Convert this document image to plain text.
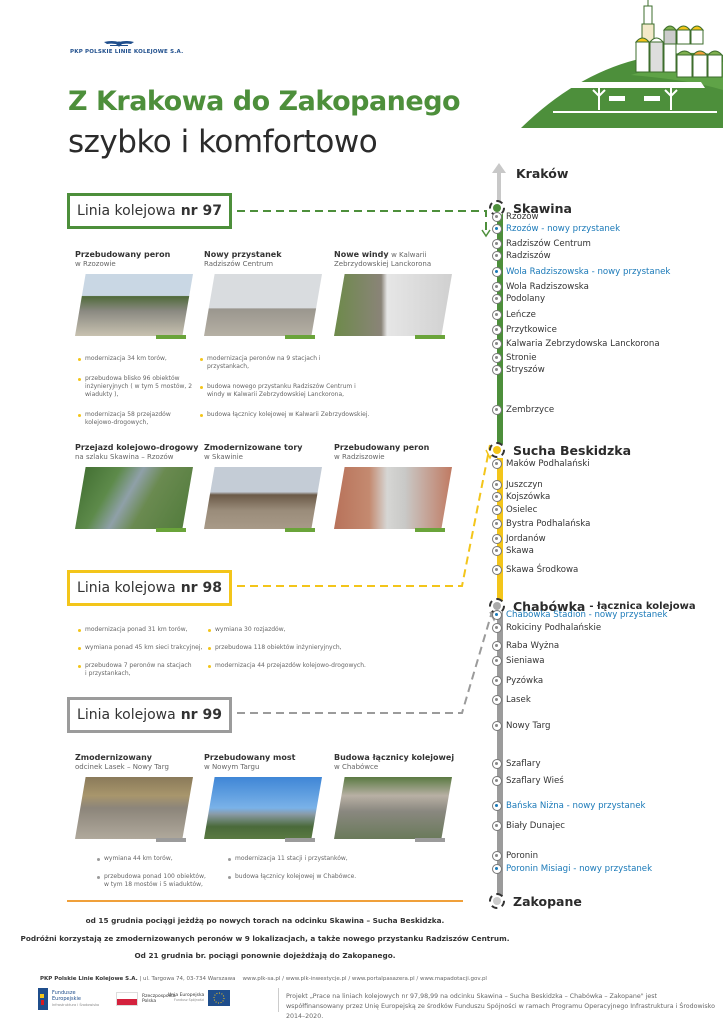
PKP POLSKIE LINIE KOLEJOWE S.A.
Z Krakowa do Zakopanego
szybko i komfortowo
Linia kolejowa nr 97
Przebudowany peron
w Rzozowie
Nowy przystanek
Radziszów Centrum
Nowe windy w Kalwarii
Zebrzydowskiej Lanckorona
modernizacja 34 km torów,
przebudowa blisko 96 obiektów inżynieryjnych ( w tym 5 mostów, 2 wiadukty ),
modernizacja 58 przejazdów kolejowo-drogowych,
modernizacja peronów na 9 stacjach i przystankach,
budowa nowego przystanku Radziszów Centrum i windy w Kalwarii Zebrzydowskiej Lanckorona,
budowa łącznicy kolejowej w Kalwarii Zebrzydowskiej.
Przejazd kolejowo-drogowy
na szlaku Skawina – Rzozów
Zmodernizowane tory
w Skawinie
Przebudowany peron
w Radziszowie
Linia kolejowa nr 98
modernizacja ponad 31 km torów,
wymiana ponad 45 km sieci trakcyjnej,
przebudowa 7 peronów na stacjach i przystankach,
wymiana 30 rozjazdów,
przebudowa 118 obiektów inżynieryjnych,
modernizacja 44 przejazdów kolejowo-drogowych.
Linia kolejowa nr 99
Zmodernizowany
odcinek Lasek – Nowy Targ
Przebudowany most
w Nowym Targu
Budowa łącznicy kolejowej
w Chabówce
wymiana 44 km torów,
przebudowa ponad 100 obiektów, w tym 18 mostów i 5 wiaduktów,
modernizacja 11 stacji i przystanków,
budowa łącznicy kolejowej w Chabówce.
Kraków
Skawina
Sucha Beskidzka
Chabówka - łącznica kolejowa
Zakopane
Rzozów
Rzozów - nowy przystanek
Radziszów Centrum
Radziszów
Wola Radziszowska - nowy przystanek
Wola Radziszowska
Podolany
Leńcze
Przytkowice
Kalwaria Zebrzydowska Lanckorona
Stronie
Stryszów
Zembrzyce
Maków Podhalański
Juszczyn
Kojszówka
Osielec
Bystra Podhalańska
Jordanów
Skawa
Skawa Środkowa
Chabówka Stadion - nowy przystanek
Rokiciny Podhalańskie
Raba Wyżna
Sieniawa
Pyzówka
Lasek
Nowy Targ
Szaflary
Szaflary Wieś
Bańska Niżna - nowy przystanek
Biały Dunajec
Poronin
Poronin Misiagi - nowy przystanek
od 15 grudnia pociągi jeżdżą po nowych torach na odcinku Skawina – Sucha Beskidzka.
Podróżni korzystają ze zmodernizowanych peronów w 9 lokalizacjach, a także nowego przystanku Radziszów Centrum.
Od 21 grudnia br. pociągi ponownie dojeżdżają do Zakopanego.
PKP Polskie Linie Kolejowe S.A. | ul. Targowa 74, 03-734 Warszawa www.plk-sa.pl / www.plk-inwestycje.pl / www.portalpasazera.pl / www.mapadotacji.gov.pl
Fundusze
Europejskie
Infrastruktura i Środowisko
Rzeczpospolita
Polska
Unia Europejska
Fundusz Spójności	Projekt „Prace na liniach kolejowych nr 97,98,99 na odcinku Skawina – Sucha Beskidzka – Chabówka – Zakopane" jest współfinansowany przez Unię Europejską ze środków Funduszu Spójności w ramach Programu Operacyjnego Infrastruktura i Środowisko 2014–2020.
